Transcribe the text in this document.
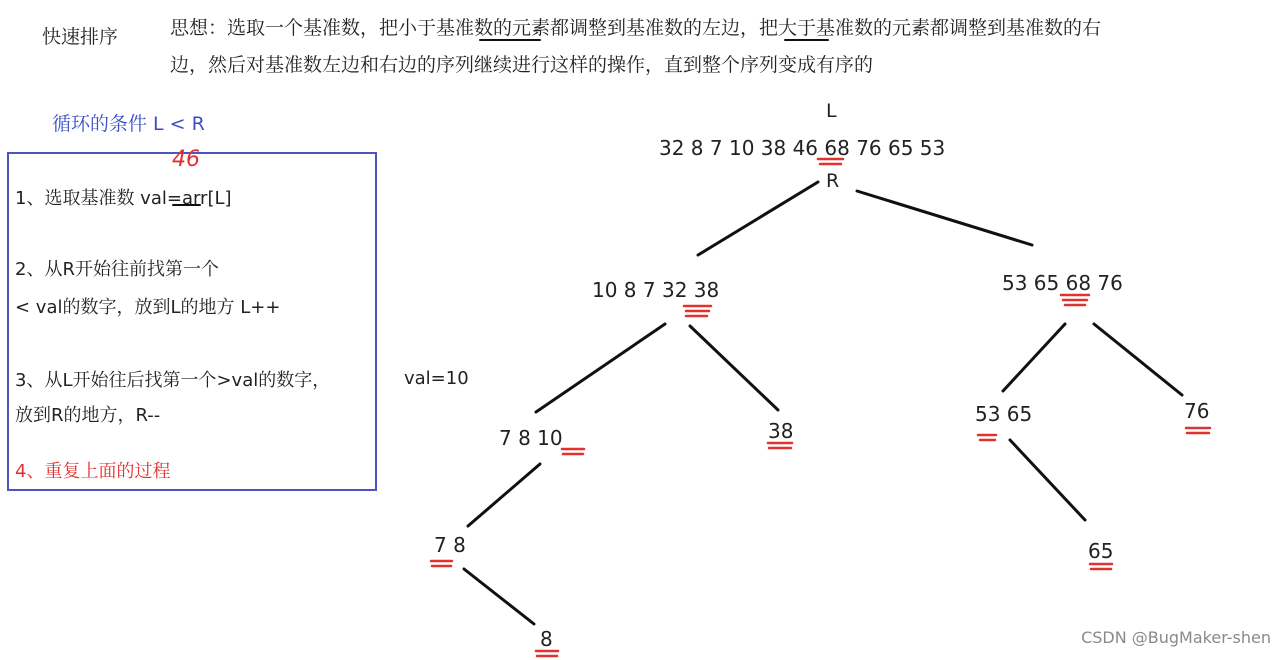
快速排序	思想：选取一个基准数，把小于基准数的元素都调整到基准数的左边，把大于基准数的元素都调整到基准数的右
边，然后对基准数左边和右边的序列继续进行这样的操作，直到整个序列变成有序的
循环的条件 L < R
1、选取基准数 val=arr[L]
2、从R开始往前找第一个
< val的数字，放到L的地方 L++
3、从L开始往后找第一个>val的数字，
放到R的地方，R--
4、重复上面的过程
46
val=10
L
R
32 8 7 10 38 46 68 76 65 53
10 8 7 32 38	53 65 68 76
7 8 10	38
53 65	76
7 8	65
8	CSDN @BugMaker-shen
